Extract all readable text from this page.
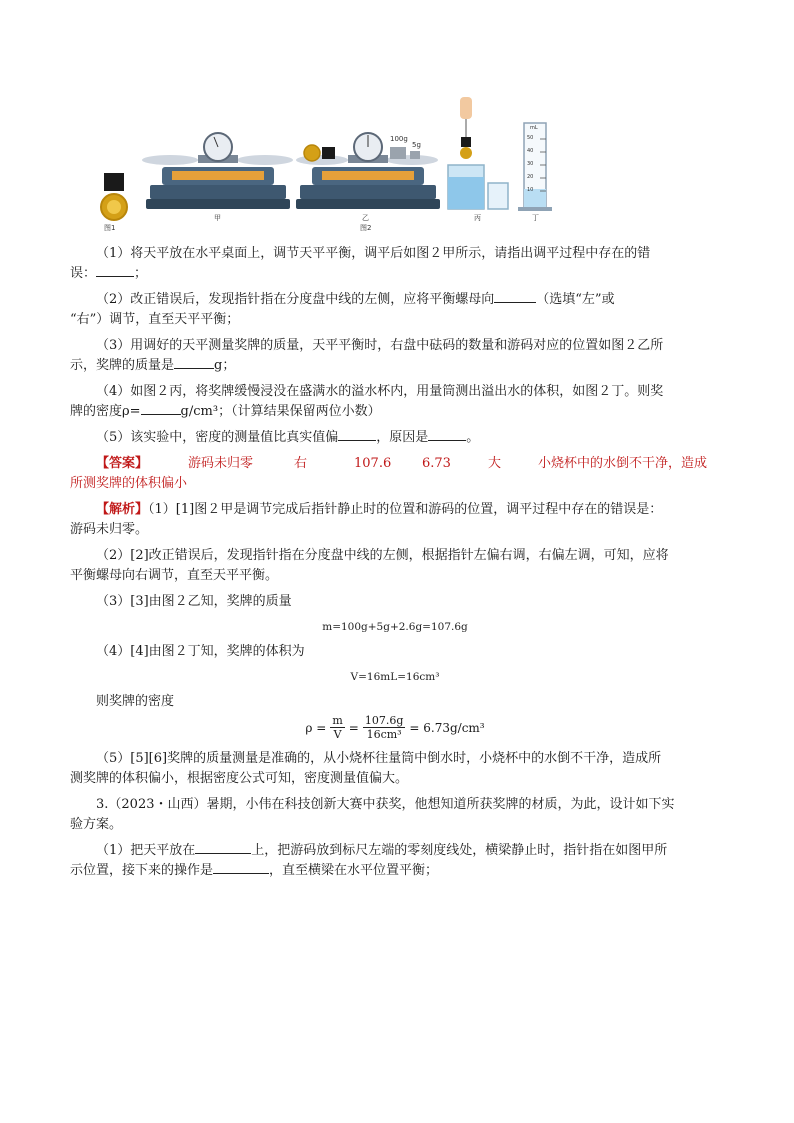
图1
甲	乙
图2
丙	丁
100g
5g
mL
50
40
30
20
10

（1）将天平放在水平桌面上，调节天平平衡，调平后如图２甲所示，请指出调平过程中存在的错

误：	；

（2）改正错误后，发现指针指在分度盘中线的左侧，应将平衡螺母向	（选填“左”或

“右”）调节，直至天平平衡；

（3）用调好的天平测量奖牌的质量，天平平衡时，右盘中砝码的数量和游码对应的位置如图２乙所

示，奖牌的质量是	g；

（4）如图２丙，将奖牌缓慢浸没在盛满水的溢水杯内，用量筒测出溢出水的体积，如图２丁。则奖

牌的密度ρ=	g/cm³；（计算结果保留两位小数）

（5）该实验中，密度的测量值比真实值偏	，原因是	。

【答案】	游码未归零	右	107.6	6.73	大	小烧杯中的水倒不干净，造成

所测奖牌的体积偏小

【解析】（1）[1]图２甲是调节完成后指针静止时的位置和游码的位置，调平过程中存在的错误是：

游码未归零。

（2）[2]改正错误后，发现指针指在分度盘中线的左侧，根据指针左偏右调，右偏左调，可知，应将

平衡螺母向右调节，直至天平平衡。

（3）[3]由图２乙知，奖牌的质量

m=100g+5g+2.6g=107.6g

（4）[4]由图２丁知，奖牌的体积为

V=16mL=16cm³

则奖牌的密度

$\rho = \frac{m}{V} = \frac{107.6g}{\text{16cm³}} = 6.73g/cm^3$

（5）[5][6]奖牌的质量测量是准确的，从小烧杯往量筒中倒水时，小烧杯中的水倒不干净，造成所

测奖牌的体积偏小，根据密度公式可知，密度测量值偏大。

3.（2023・山西）暑期，小伟在科技创新大赛中获奖，他想知道所获奖牌的材质，为此，设计如下实

验方案。

（1）把天平放在	上，把游码放到标尺左端的零刻度线处，横梁静止时，指针指在如图甲所

示位置，接下来的操作是	，直至横梁在水平位置平衡；
